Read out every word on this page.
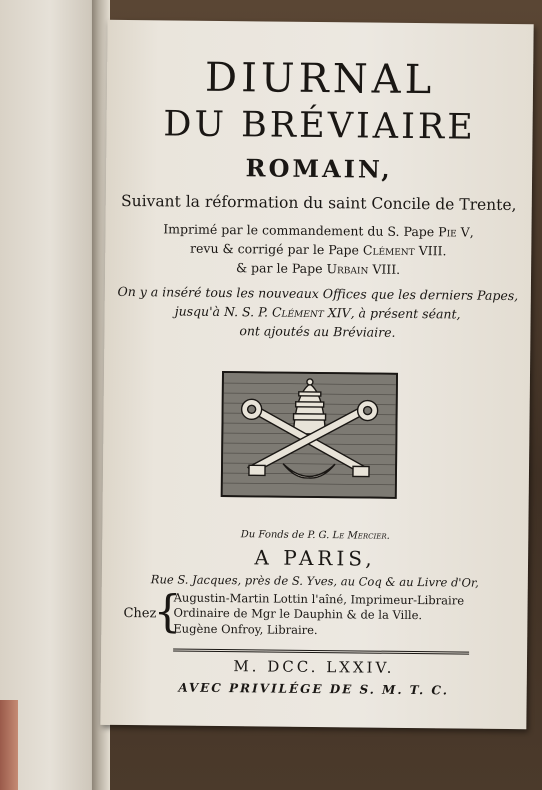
DIURNAL
DU BRÉVIAIRE
ROMAIN,
Suivant la réformation du saint Concile de Trente,
Imprimé par le commandement du S. Pape Pie V,
revu & corrigé par le Pape Clément VIII.
& par le Pape Urbain VIII.
On y a inséré tous les nouveaux Offices que les derniers Papes,
jusqu'à N. S. P. Clément XIV, à présent séant,
ont ajoutés au Bréviaire.
Du Fonds de P. G. Le Mercier.
A PARIS,
Rue S. Jacques, près de S. Yves, au Coq & au Livre d'Or,
Chez
{
Augustin-Martin Lottin l'aîné, Imprimeur-Libraire
Ordinaire de Mgr le Dauphin & de la Ville.
Eugène Onfroy, Libraire.
M. DCC. LXXIV.
AVEC PRIVILÉGE DE S. M. T. C.
